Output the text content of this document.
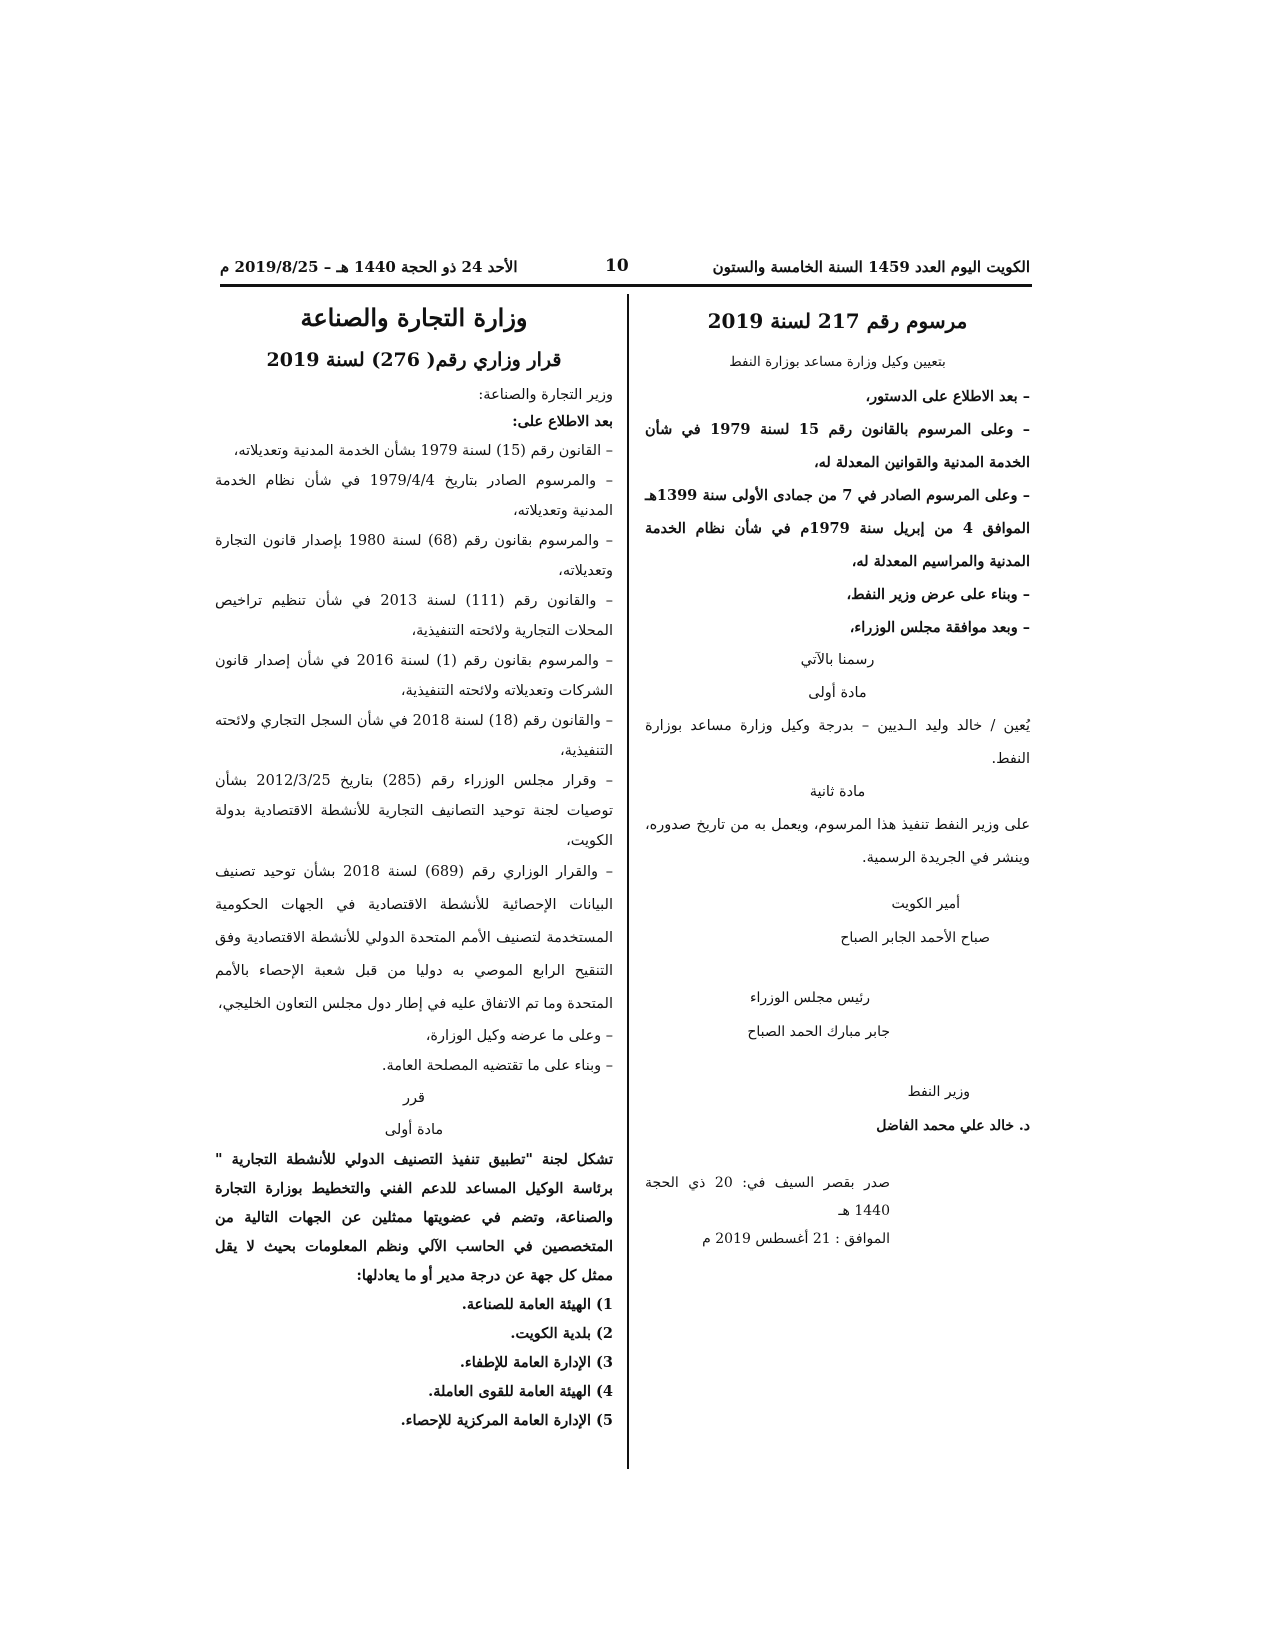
الكويت اليوم العدد 1459 السنة الخامسة والستون
10
الأحد 24 ذو الحجة 1440 هـ – 2019/8/25 م
مرسوم رقم 217 لسنة 2019
بتعيين وكيل وزارة مساعد بوزارة النفط

– بعد الاطلاع على الدستور،

– وعلى المرسوم بالقانون رقم 15 لسنة 1979 في شأن الخدمة المدنية والقوانين المعدلة له،

– وعلى المرسوم الصادر في 7 من جمادى الأولى سنة 1399هـ الموافق 4 من إبريل سنة 1979م في شأن نظام الخدمة المدنية والمراسيم المعدلة له،

– وبناء على عرض وزير النفط،

– وبعد موافقة مجلس الوزراء،

رسمنا بالآتي

مادة أولى

يُعين / خالد وليد الـديين – بدرجة وكيل وزارة مساعد بوزارة النفط.

مادة ثانية

على وزير النفط تنفيذ هذا المرسوم، ويعمل به من تاريخ صدوره، وينشر في الجريدة الرسمية.

أمير الكويت
صباح الأحمد الجابر الصباح
رئيس مجلس الوزراء
جابر مبارك الحمد الصباح
وزير النفط
د. خالد علي محمد الفاضل
صدر بقصر السيف في: 20 ذي الحجة 1440 هـ
الموافق : 21 أغسطس 2019 م
وزارة التجارة والصناعة
قرار وزاري رقم( 276) لسنة 2019

وزير التجارة والصناعة:

بعد الاطلاع على:

– القانون رقم (15) لسنة 1979 بشأن الخدمة المدنية وتعديلاته،

– والمرسوم الصادر بتاريخ 1979/4/4 في شأن نظام الخدمة المدنية وتعديلاته،

– والمرسوم بقانون رقم (68) لسنة 1980 بإصدار قانون التجارة وتعديلاته،

– والقانون رقم (111) لسنة 2013 في شأن تنظيم تراخيص المحلات التجارية ولائحته التنفيذية،

– والمرسوم بقانون رقم (1) لسنة 2016 في شأن إصدار قانون الشركات وتعديلاته ولائحته التنفيذية،

– والقانون رقم (18) لسنة 2018 في شأن السجل التجاري ولائحته التنفيذية،

– وقرار مجلس الوزراء رقم (285) بتاريخ 2012/3/25 بشأن توصيات لجنة توحيد التصانيف التجارية للأنشطة الاقتصادية بدولة الكويت،

– والقرار الوزاري رقم (689) لسنة 2018 بشأن توحيد تصنيف البيانات الإحصائية للأنشطة الاقتصادية في الجهات الحكومية المستخدمة لتصنيف الأمم المتحدة الدولي للأنشطة الاقتصادية وفق التنقيح الرابع الموصي به دوليا من قبل شعبة الإحصاء بالأمم المتحدة وما تم الاتفاق عليه في إطار دول مجلس التعاون الخليجي،

– وعلى ما عرضه وكيل الوزارة،

– وبناء على ما تقتضيه المصلحة العامة.

قرر

مادة أولى

تشكل لجنة "تطبيق تنفيذ التصنيف الدولي للأنشطة التجارية " برئاسة الوكيل المساعد للدعم الفني والتخطيط بوزارة التجارة والصناعة، وتضم في عضويتها ممثلين عن الجهات التالية من المتخصصين في الحاسب الآلي ونظم المعلومات بحيث لا يقل ممثل كل جهة عن درجة مدير أو ما يعادلها:

1) الهيئة العامة للصناعة.

2) بلدية الكويت.

3) الإدارة العامة للإطفاء.

4) الهيئة العامة للقوى العاملة.

5) الإدارة العامة المركزية للإحصاء.
